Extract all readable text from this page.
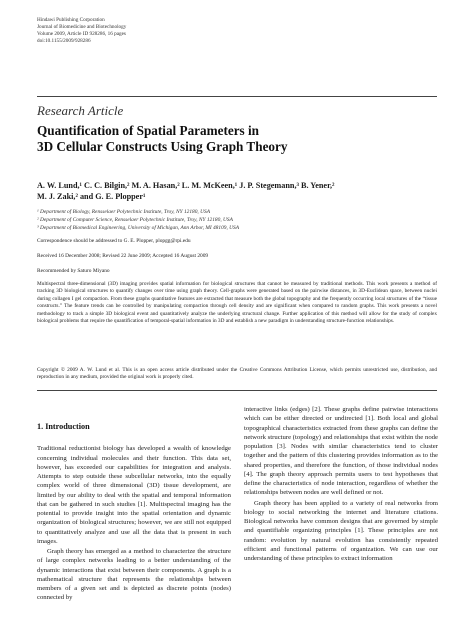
Hindawi Publishing Corporation
Journal of Biomedicine and Biotechnology
Volume 2009, Article ID 928286, 16 pages
doi:10.1155/2009/928286
Research Article
Quantification of Spatial Parameters in
3D Cellular Constructs Using Graph Theory
A. W. Lund,¹ C. C. Bilgin,² M. A. Hasan,² L. M. McKeen,¹ J. P. Stegemann,³ B. Yener,²
M. J. Zaki,² and G. E. Plopper¹
¹ Department of Biology, Rensselaer Polytechnic Institute, Troy, NY 12180, USA
² Department of Computer Science, Rensselaer Polytechnic Institute, Troy, NY 12180, USA
³ Department of Biomedical Engineering, University of Michigan, Ann Arbor, MI 48109, USA
Correspondence should be addressed to G. E. Plopper, plopgg@rpi.edu
Received 16 December 2008; Revised 22 June 2009; Accepted 16 August 2009
Recommended by Saturo Miyano
Multispectral three-dimensional (3D) imaging provides spatial information for biological structures that cannot be measured by traditional methods. This work presents a method of tracking 3D biological structures to quantify changes over time using graph theory. Cell-graphs were generated based on the pairwise distances, in 3D-Euclidean space, between nuclei during collagen I gel compaction. From these graphs quantitative features are extracted that measure both the global topography and the frequently occurring local structures of the “tissue constructs.” The feature trends can be controlled by manipulating compaction through cell density and are significant when compared to random graphs. This work presents a novel methodology to track a simple 3D biological event and quantitatively analyze the underlying structural change. Further application of this method will allow for the study of complex biological problems that require the quantification of temporal-spatial information in 3D and establish a new paradigm in understanding structure-function relationships.
Copyright © 2009 A. W. Lund et al. This is an open access article distributed under the Creative Commons Attribution License, which permits unrestricted use, distribution, and reproduction in any medium, provided the original work is properly cited.
1. Introduction

Traditional reductionist biology has developed a wealth of knowledge concerning individual molecules and their function. This data set, however, has exceeded our capabilities for integration and analysis. Attempts to step outside these subcellular networks, into the equally complex world of three dimensional (3D) tissue development, are limited by our ability to deal with the spatial and temporal information that can be gathered in such studies [1]. Multispectral imaging has the potential to provide insight into the spatial orientation and dynamic organization of biological structures; however, we are still not equipped to quantitatively analyze and use all the data that is present in such images.

Graph theory has emerged as a method to characterize the structure of large complex networks leading to a better understanding of the dynamic interactions that exist between their components. A graph is a mathematical structure that represents the relationships between members of a given set and is depicted as discrete points (nodes) connected by

interactive links (edges) [2]. These graphs define pairwise interactions which can be either directed or undirected [1]. Both local and global topographical characteristics extracted from these graphs can define the network structure (topology) and relationships that exist within the node population [3]. Nodes with similar characteristics tend to cluster together and the pattern of this clustering provides information as to the shared properties, and therefore the function, of those individual nodes [4]. The graph theory approach permits users to test hypotheses that define the characteristics of node interaction, regardless of whether the relationships between nodes are well defined or not.

Graph theory has been applied to a variety of real networks from biology to social networking the internet and literature citations. Biological networks have common designs that are governed by simple and quantifiable organizing principles [1]. These principles are not random: evolution by natural evolution has consistently repeated efficient and functional patterns of organization. We can use our understanding of these principles to extract information
